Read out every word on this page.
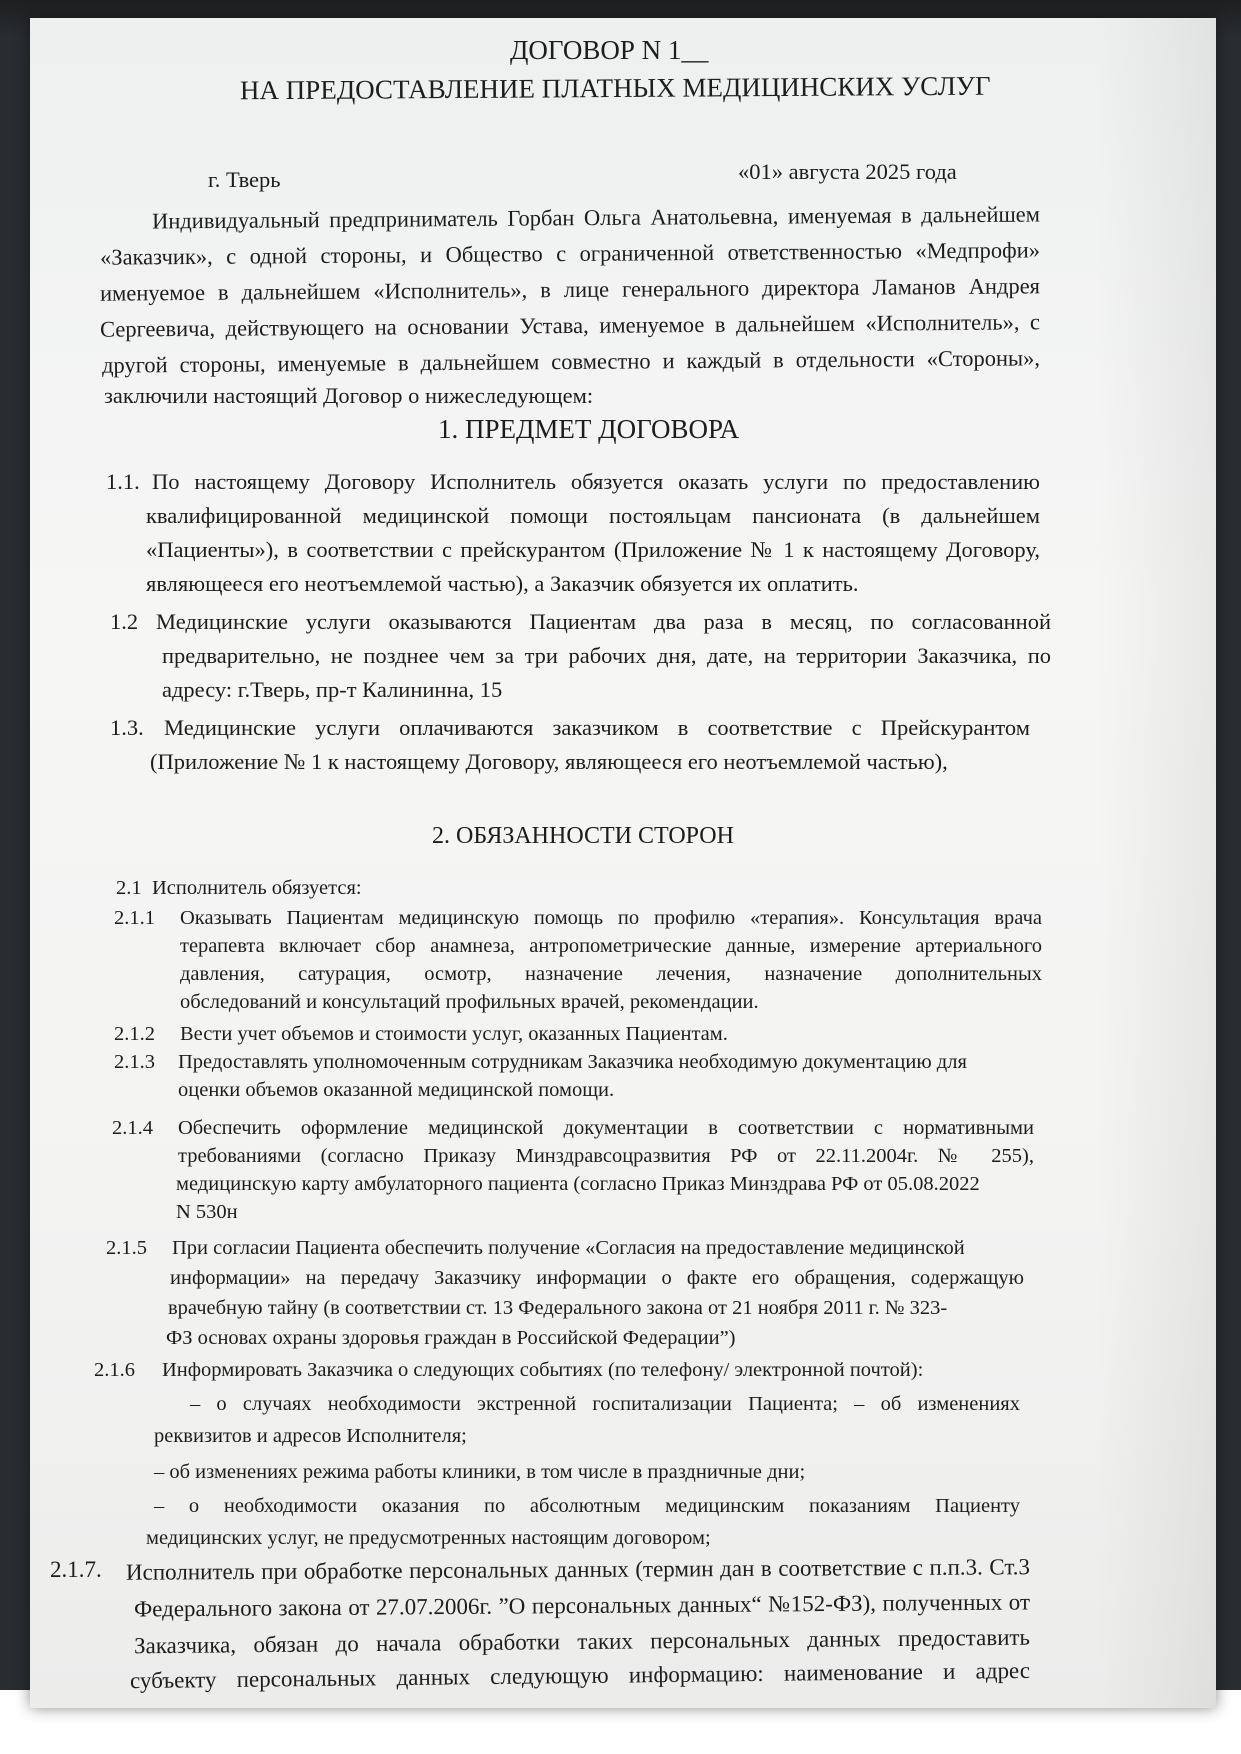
ДОГОВОР N 1__

НА ПРЕДОСТАВЛЕНИЕ ПЛАТНЫХ МЕДИЦИНСКИХ УСЛУГ

г. Тверь	«01» августа 2025 года

Индивидуальный предприниматель Горбан Ольга Анатольевна, именуемая в дальнейшем

«Заказчик», с одной стороны, и Общество с ограниченной ответственностью «Медпрофи»

именуемое в дальнейшем «Исполнитель», в лице генерального директора Ламанов Андрея

Сергеевича, действующего на основании Устава, именуемое в дальнейшем «Исполнитель», с

другой стороны, именуемые в дальнейшем совместно и каждый в отдельности «Стороны»,

заключили настоящий Договор о нижеследующем:

1. ПРЕДМЕТ ДОГОВОРА

1.1. По настоящему Договору Исполнитель обязуется оказать услуги по предоставлению

квалифицированной медицинской помощи постояльцам пансионата (в дальнейшем

«Пациенты»), в соответствии с прейскурантом (Приложение № 1 к настоящему Договору,

являющееся его неотъемлемой частью), а Заказчик обязуется их оплатить.

1.2 Медицинские услуги оказываются Пациентам два раза в месяц, по согласованной

предварительно, не позднее чем за три рабочих дня, дате, на территории Заказчика, по

адресу: г.Тверь, пр-т Калининна, 15

1.3. Медицинские услуги оплачиваются заказчиком в соответствие с Прейскурантом

(Приложение № 1 к настоящему Договору, являющееся его неотъемлемой частью),

2. ОБЯЗАННОСТИ СТОРОН

2.1 Исполнитель обязуется:

2.1.1 Оказывать Пациентам медицинскую помощь по профилю «терапия». Консультация врача

терапевта включает сбор анамнеза, антропометрические данные, измерение артериального

давления, сатурация, осмотр, назначение лечения, назначение дополнительных

обследований и консультаций профильных врачей, рекомендации.

2.1.2 Вести учет объемов и стоимости услуг, оказанных Пациентам.

2.1.3 Предоставлять уполномоченным сотрудникам Заказчика необходимую документацию для

оценки объемов оказанной медицинской помощи.

2.1.4 Обеспечить оформление медицинской документации в соответствии с нормативными

требованиями (согласно Приказу Минздравсоцразвития РФ от 22.11.2004г. № 255),

медицинскую карту амбулаторного пациента (согласно Приказ Минздрава РФ от 05.08.2022

N 530н

2.1.5 При согласии Пациента обеспечить получение «Согласия на предоставление медицинской

информации» на передачу Заказчику информации о факте его обращения, содержащую

врачебную тайну (в соответствии ст. 13 Федерального закона от 21 ноября 2011 г. № 323-

ФЗ основах охраны здоровья граждан в Российской Федерации”)

2.1.6 Информировать Заказчика о следующих событиях (по телефону/ электронной почтой):

‒ о случаях необходимости экстренной госпитализации Пациента; ‒ об изменениях

реквизитов и адресов Исполнителя;

‒ об изменениях режима работы клиники, в том числе в праздничные дни;

‒ о необходимости оказания по абсолютным медицинским показаниям Пациенту

медицинских услуг, не предусмотренных настоящим договором;

2.1.7. Исполнитель при обработке персональных данных (термин дан в соответствие с п.п.3. Ст.3

Федерального закона от 27.07.2006г. ”О персональных данных“ №152-ФЗ), полученных от

Заказчика, обязан до начала обработки таких персональных данных предоставить

субъекту персональных данных следующую информацию: наименование и адрес
